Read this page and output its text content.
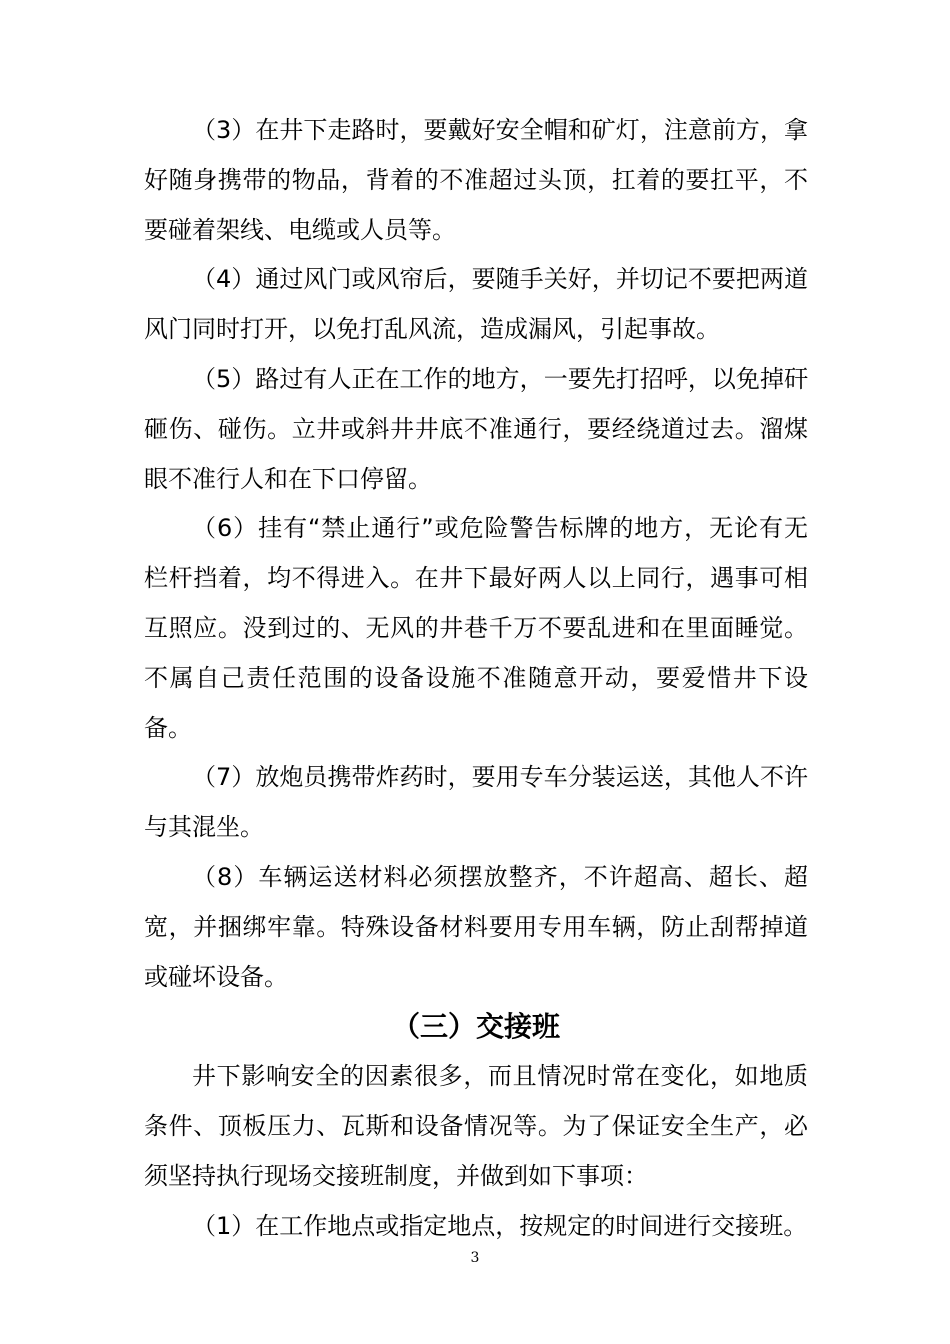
（3）在井下走路时，要戴好安全帽和矿灯，注意前方，拿好随身携带的物品，背着的不准超过头顶，扛着的要扛平，不要碰着架线、电缆或人员等。

（4）通过风门或风帘后，要随手关好，并切记不要把两道风门同时打开，以免打乱风流，造成漏风，引起事故。

（5）路过有人正在工作的地方，一要先打招呼，以免掉矸砸伤、碰伤。立井或斜井井底不准通行，要经绕道过去。溜煤眼不准行人和在下口停留。

（6）挂有“禁止通行”或危险警告标牌的地方，无论有无栏杆挡着，均不得进入。在井下最好两人以上同行，遇事可相互照应。没到过的、无风的井巷千万不要乱进和在里面睡觉。不属自己责任范围的设备设施不准随意开动，要爱惜井下设备。

（7）放炮员携带炸药时，要用专车分装运送，其他人不许与其混坐。

（8）车辆运送材料必须摆放整齐，不许超高、超长、超宽，并捆绑牢靠。特殊设备材料要用专用车辆，防止刮帮掉道或碰坏设备。

（三）交接班

井下影响安全的因素很多，而且情况时常在变化，如地质条件、顶板压力、瓦斯和设备情况等。为了保证安全生产，必须坚持执行现场交接班制度，并做到如下事项：

（1）在工作地点或指定地点，按规定的时间进行交接班。

3
